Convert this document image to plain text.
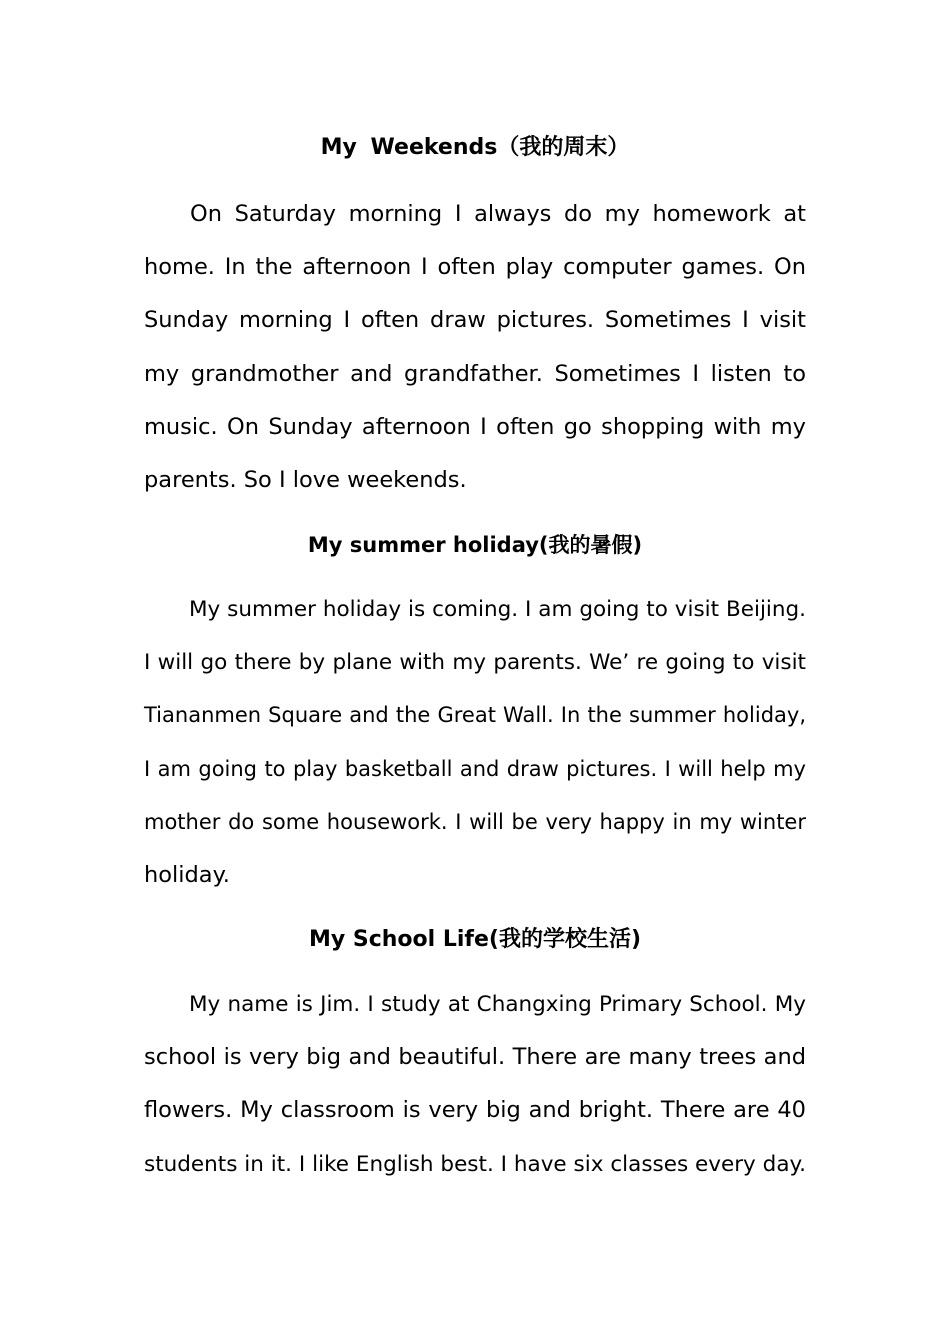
My Weekends（我的周末）
On Saturday morning I always do my homework at
home. In the afternoon I often play computer games. On
Sunday morning I often draw pictures. Sometimes I visit
my grandmother and grandfather. Sometimes I listen to
music. On Sunday afternoon I often go shopping with my
parents. So I love weekends.
My summer holiday(我的暑假)
My summer holiday is coming. I am going to visit Beijing.
I will go there by plane with my parents. We’ re going to visit
Tiananmen Square and the Great Wall. In the summer holiday,
I am going to play basketball and draw pictures. I will help my
mother do some housework. I will be very happy in my winter
holiday.
My School Life(我的学校生活)
My name is Jim. I study at Changxing Primary School. My
school is very big and beautiful. There are many trees and
flowers. My classroom is very big and bright. There are 40
students in it. I like English best. I have six classes every day.
